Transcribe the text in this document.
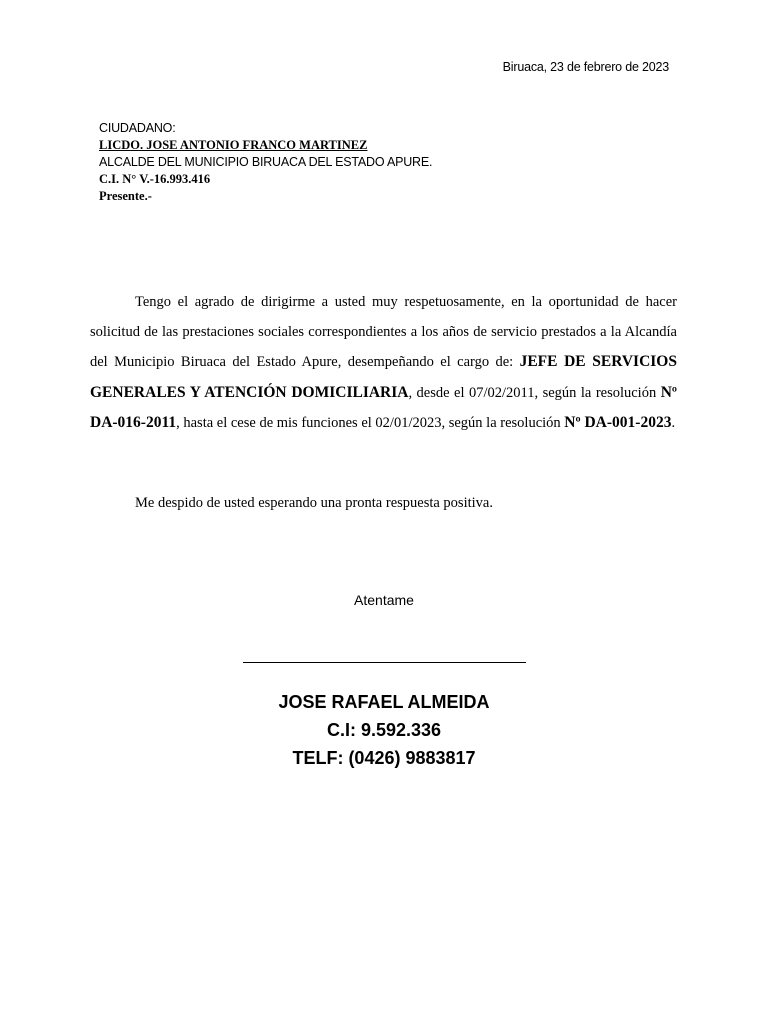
Biruaca, 23 de febrero de 2023
CIUDADANO:
LICDO. JOSE ANTONIO FRANCO MARTINEZ
ALCALDE DEL MUNICIPIO BIRUACA DEL ESTADO APURE.
C.I. N° V.-16.993.416
Presente.-

Tengo el agrado de dirigirme a usted muy respetuosamente, en la oportunidad de hacer solicitud de las prestaciones sociales correspondientes a los años de servicio prestados a la Alcandía del Municipio Biruaca del Estado Apure, desempeñando el cargo de: JEFE DE SERVICIOS GENERALES Y ATENCIÓN DOMICILIARIA, desde el 07/02/2011, según la resolución Nº DA-016-2011, hasta el cese de mis funciones el 02/01/2023, según la resolución Nº DA-001-2023.

Me despido de usted esperando una pronta respuesta positiva.

Atentame
JOSE RAFAEL ALMEIDA
C.I: 9.592.336
TELF: (0426) 9883817
